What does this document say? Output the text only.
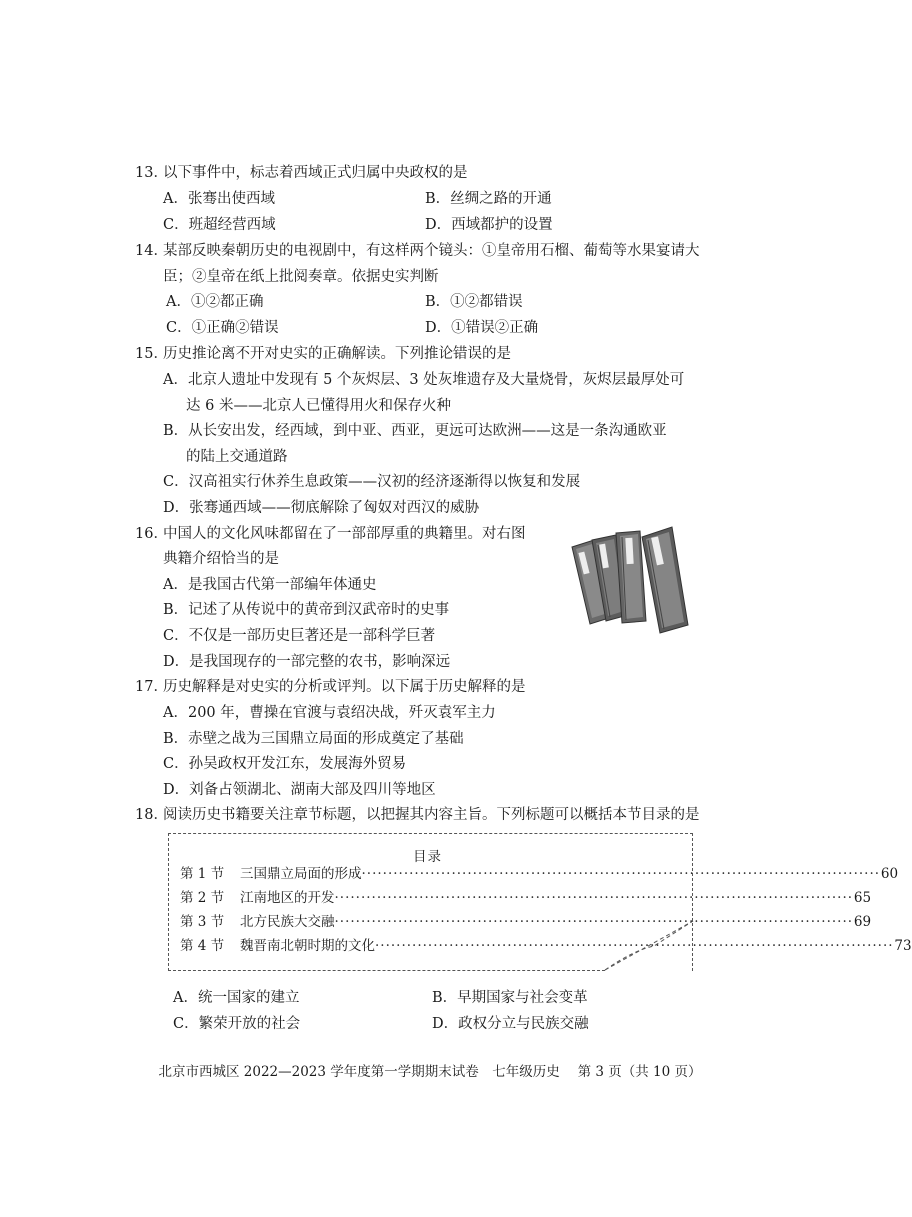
13．
以下事件中，标志着西域正式归属中央政权的是
A．张骞出使西域	B．丝绸之路的开通
C．班超经营西域	D．西域都护的设置
14．
某部反映秦朝历史的电视剧中，有这样两个镜头：①皇帝用石榴、葡萄等水果宴请大
臣；②皇帝在纸上批阅奏章。依据史实判断
A．①②都正确	B．①②都错误
C．①正确②错误	D．①错误②正确
15．
历史推论离不开对史实的正确解读。下列推论错误的是
A．北京人遗址中发现有 5 个灰烬层、3 处灰堆遗存及大量烧骨，灰烬层最厚处可
达 6 米——北京人已懂得用火和保存火种
B．从长安出发，经西域，到中亚、西亚，更远可达欧洲——这是一条沟通欧亚
的陆上交通道路
C．汉高祖实行休养生息政策——汉初的经济逐渐得以恢复和发展
D．张骞通西域——彻底解除了匈奴对西汉的威胁
16．
中国人的文化风味都留在了一部部厚重的典籍里。对右图
典籍介绍恰当的是
A．是我国古代第一部编年体通史
B．记述了从传说中的黄帝到汉武帝时的史事
C．不仅是一部历史巨著还是一部科学巨著
D．是我国现存的一部完整的农书，影响深远
17．
历史解释是对史实的分析或评判。以下属于历史解释的是
A．200 年，曹操在官渡与袁绍决战，歼灭袁军主力
B．赤壁之战为三国鼎立局面的形成奠定了基础
C．孙吴政权开发江东，发展海外贸易
D．刘备占领湖北、湖南大部及四川等地区
18．
阅读历史书籍要关注章节标题，以把握其内容主旨。下列标题可以概括本节目录的是
目录
第 1 节	三国鼎立局面的形成 ·································································································· 60
第 2 节	江南地区的开发 ·································································································· 65
第 3 节	北方民族大交融 ·································································································· 69
第 4 节	魏晋南北朝时期的文化 ·································································································· 73
A．统一国家的建立	B．早期国家与社会变革
C．繁荣开放的社会	D．政权分立与民族交融
北京市西城区 2022—2023 学年度第一学期期末试卷　七年级历史　 第 3 页（共 10 页）
